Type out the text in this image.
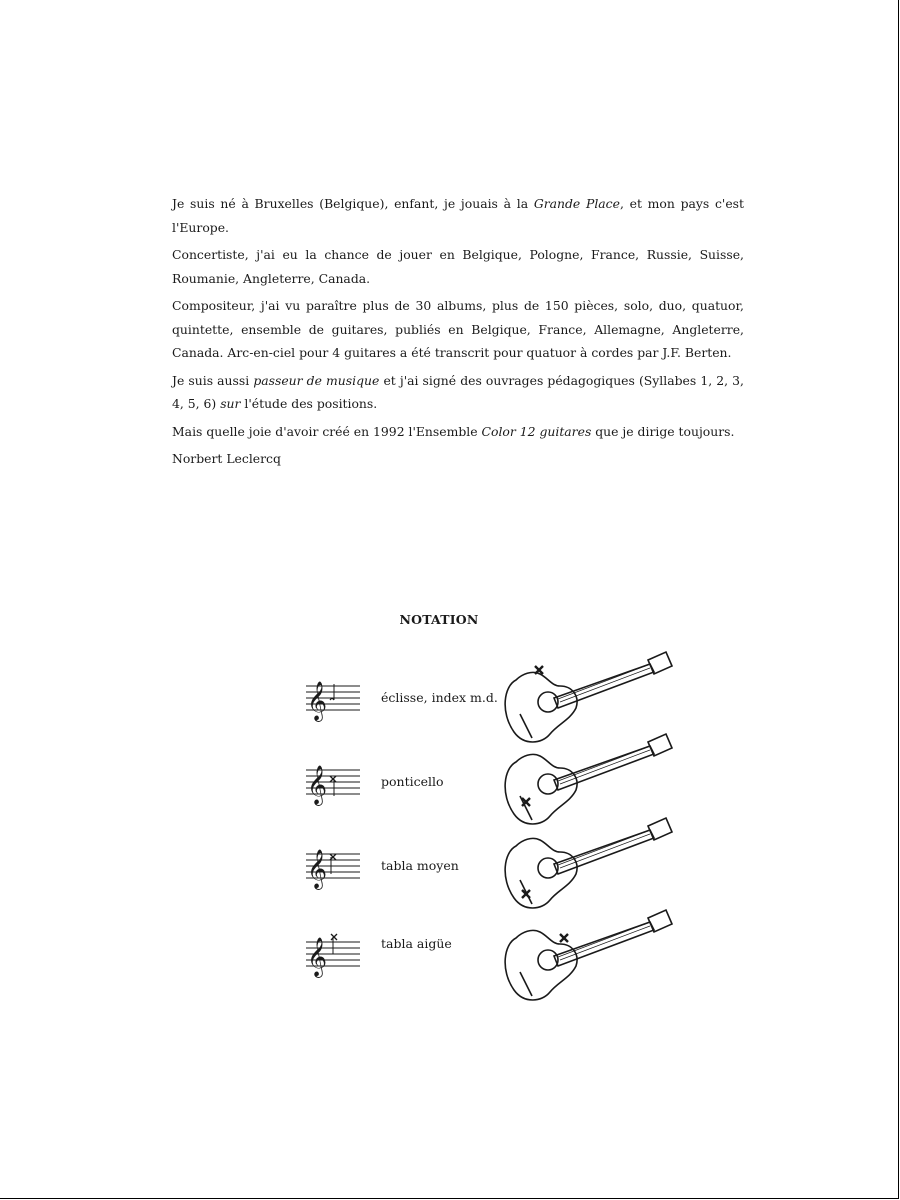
Je suis né à Bruxelles (Belgique), enfant, je jouais à la Grande Place, et mon pays c'est l'Europe.

Concertiste, j'ai eu la chance de jouer en Belgique, Pologne, France, Russie, Suisse, Roumanie, Angleterre, Canada.

Compositeur, j'ai vu paraître plus de 30 albums, plus de 150 pièces, solo, duo, quatuor, quintette, ensemble de guitares, publiés en Belgique, France, Allemagne, Angleterre, Canada. Arc-en-ciel pour 4 guitares a été transcrit pour quatuor à cordes par J.F. Berten.

Je suis aussi passeur de musique et j'ai signé des ouvrages pédagogiques (Syllabes 1, 2, 3, 4, 5, 6) sur l'étude des positions.

Mais quelle joie d'avoir créé en 1992 l'Ensemble Color 12 guitares que je dirige toujours.

Norbert Leclercq

NOTATION
𝄞	éclisse, index m.d.
𝄞	ponticello
𝄞	tabla moyen
𝄞	tabla aigüe
